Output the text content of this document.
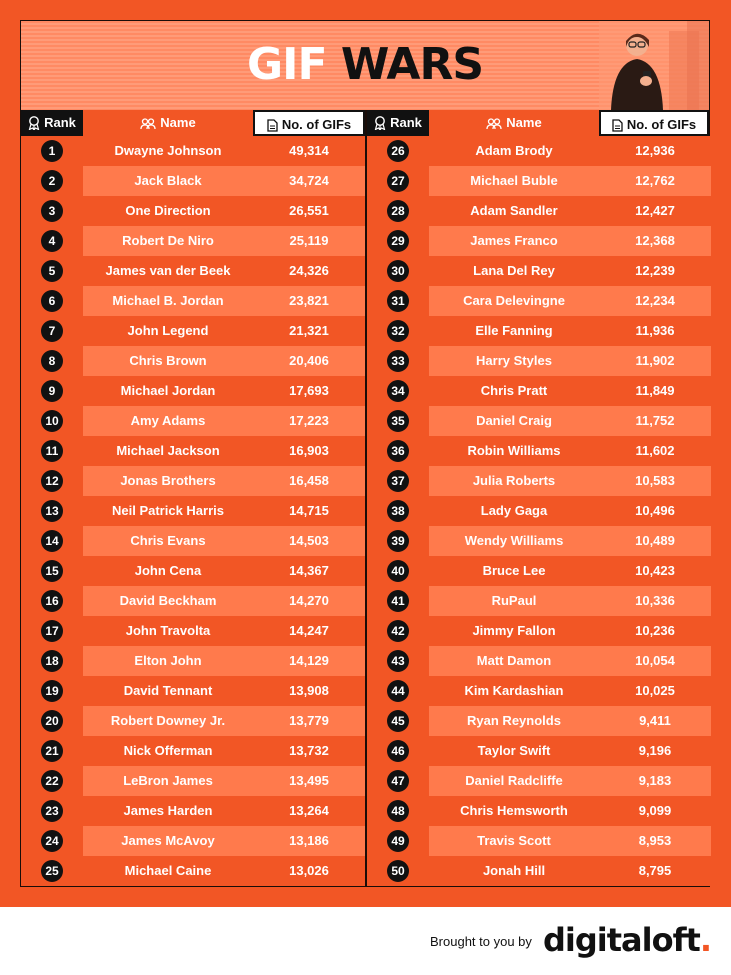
GIF WARS
Rank	Name	No. of GIFs	Rank	Name	No. of GIFs
1	Dwayne Johnson	49,314
2	Jack Black	34,724
3	One Direction	26,551
4	Robert De Niro	25,119
5	James van der Beek	24,326
6	Michael B. Jordan	23,821
7	John Legend	21,321
8	Chris Brown	20,406
9	Michael Jordan	17,693
10	Amy Adams	17,223
11	Michael Jackson	16,903
12	Jonas Brothers	16,458
13	Neil Patrick Harris	14,715
14	Chris Evans	14,503
15	John Cena	14,367
16	David Beckham	14,270
17	John Travolta	14,247
18	Elton John	14,129
19	David Tennant	13,908
20	Robert Downey Jr.	13,779
21	Nick Offerman	13,732
22	LeBron James	13,495
23	James Harden	13,264
24	James McAvoy	13,186
25	Michael Caine	13,026
26	Adam Brody	12,936
27	Michael Buble	12,762
28	Adam Sandler	12,427
29	James Franco	12,368
30	Lana Del Rey	12,239
31	Cara Delevingne	12,234
32	Elle Fanning	11,936
33	Harry Styles	11,902
34	Chris Pratt	11,849
35	Daniel Craig	11,752
36	Robin Williams	11,602
37	Julia Roberts	10,583
38	Lady Gaga	10,496
39	Wendy Williams	10,489
40	Bruce Lee	10,423
41	RuPaul	10,336
42	Jimmy Fallon	10,236
43	Matt Damon	10,054
44	Kim Kardashian	10,025
45	Ryan Reynolds	9,411
46	Taylor Swift	9,196
47	Daniel Radcliffe	9,183
48	Chris Hemsworth	9,099
49	Travis Scott	8,953
50	Jonah Hill	8,795
Brought to you by digitaloft.
